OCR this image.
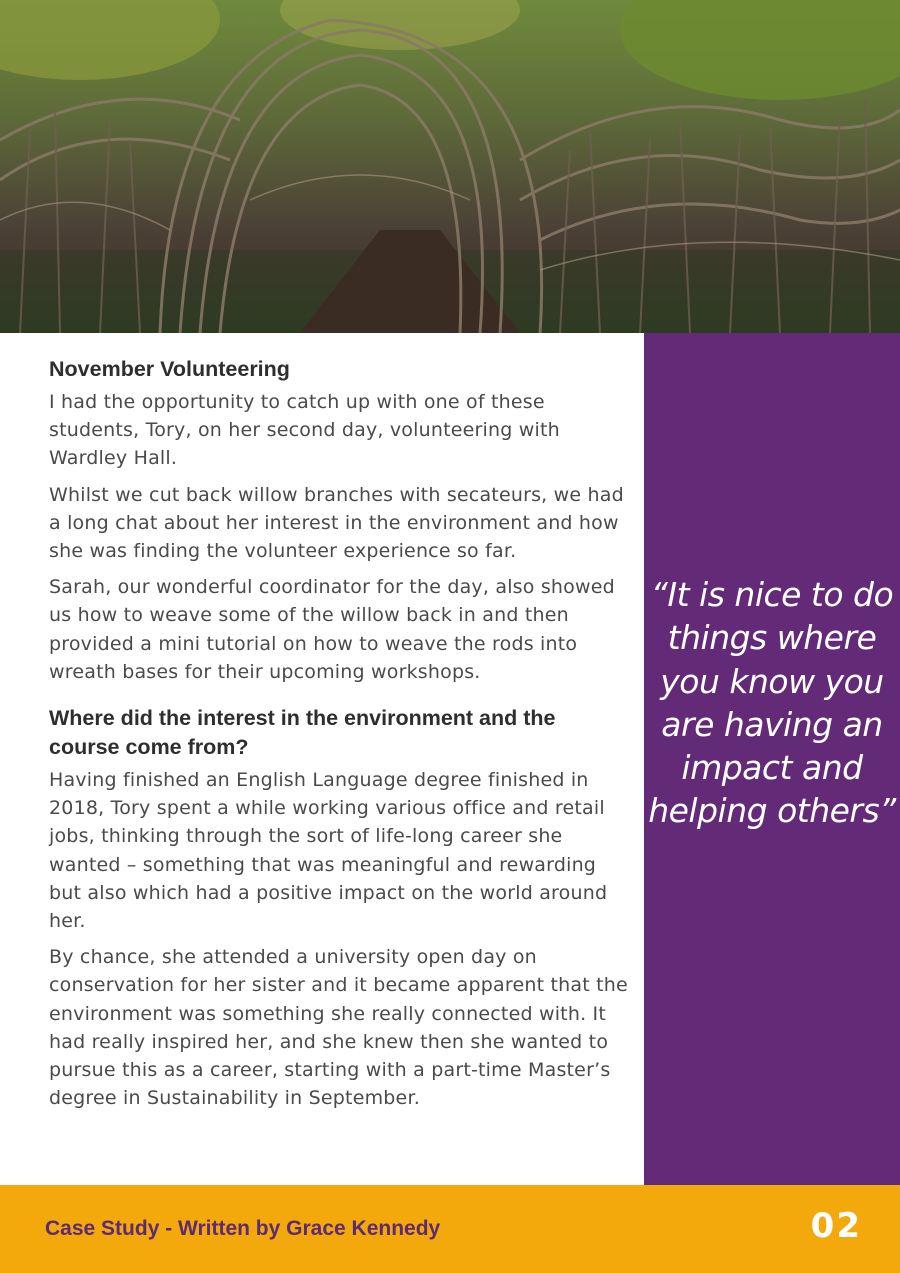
November Volunteering

I had the opportunity to catch up with one of these students, Tory, on her second day, volunteering with Wardley Hall.

Whilst we cut back willow branches with secateurs, we had a long chat about her interest in the environment and how she was finding the volunteer experience so far.

Sarah, our wonderful coordinator for the day, also showed us how to weave some of the willow back in and then provided a mini tutorial on how to weave the rods into wreath bases for their upcoming workshops.

Where did the interest in the environment and the course come from?

Having finished an English Language degree finished in 2018, Tory spent a while working various office and retail jobs, thinking through the sort of life-long career she wanted – something that was meaningful and rewarding but also which had a positive impact on the world around her.

By chance, she attended a university open day on conservation for her sister and it became apparent that the environment was something she really connected with. It had really inspired her, and she knew then she wanted to pursue this as a career, starting with a part-time Master’s degree in Sustainability in September.

“It is nice to do things where you know you are having an impact and helping others”
Case Study - Written by Grace Kennedy	02
